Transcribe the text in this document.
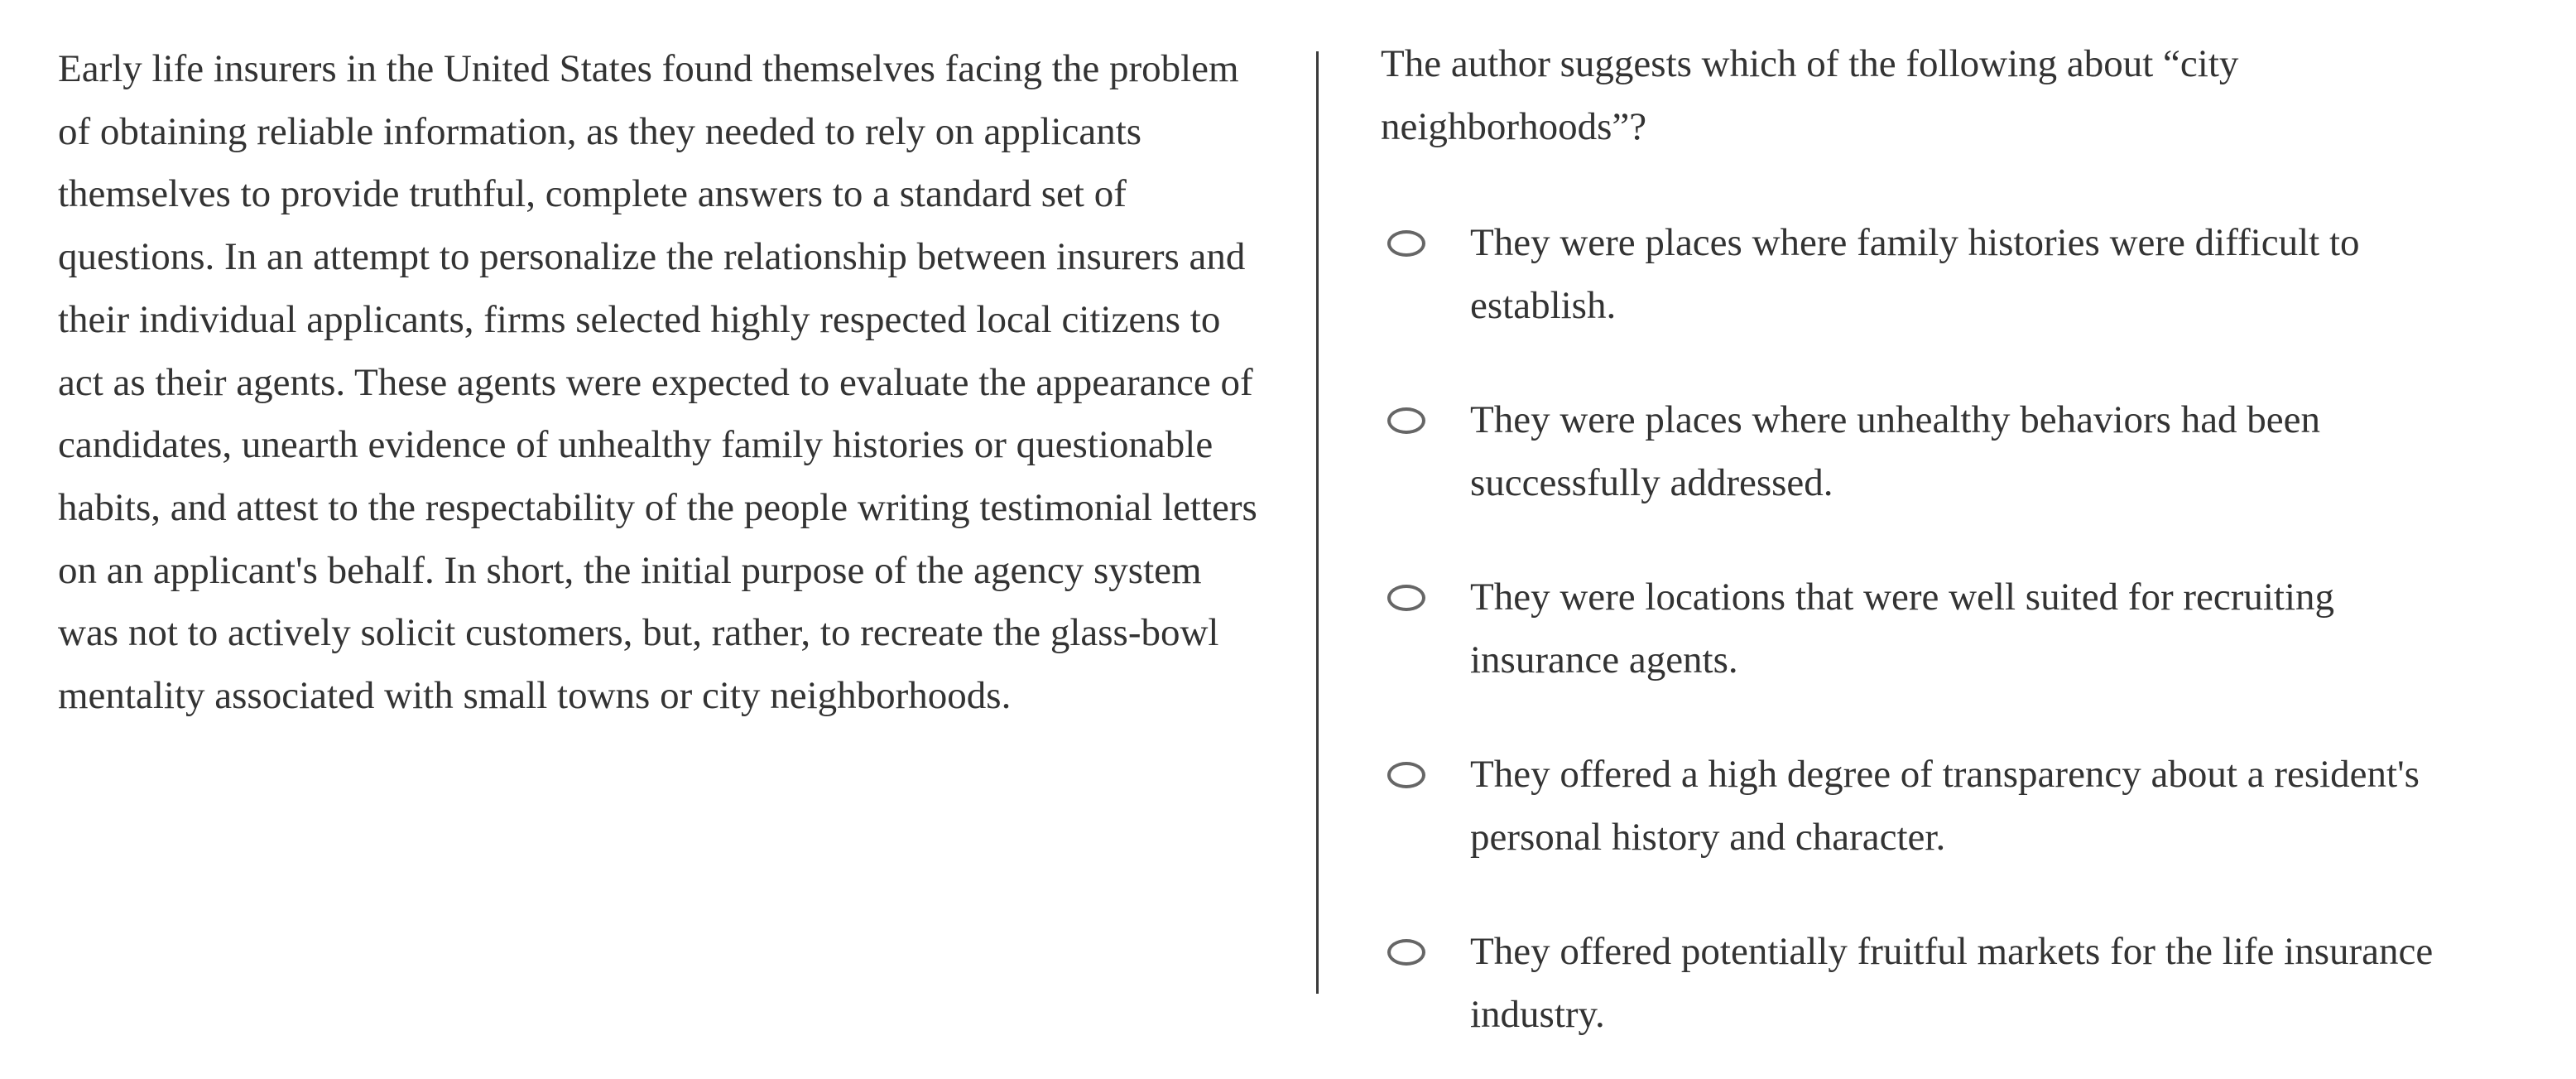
Early life insurers in the United States found themselves facing the problem of obtaining reliable information, as they needed to rely on applicants themselves to provide truthful, complete answers to a standard set of questions. In an attempt to personalize the relationship between insurers and their individual applicants, firms selected highly respected local citizens to act as their agents. These agents were expected to evaluate the appearance of candidates, unearth evidence of unhealthy family histories or questionable habits, and attest to the respectability of the people writing testimonial letters on an applicant's behalf. In short, the initial purpose of the agency system was not to actively solicit customers, but, rather, to recreate the glass-bowl mentality associated with small towns or city neighborhoods.

The author suggests which of the following about “city neighborhoods”?

They were places where family histories were difficult to establish.
They were places where unhealthy behaviors had been successfully addressed.
They were locations that were well suited for recruiting insurance agents.
They offered a high degree of transparency about a resident's personal history and character.
They offered potentially fruitful markets for the life insurance industry.
